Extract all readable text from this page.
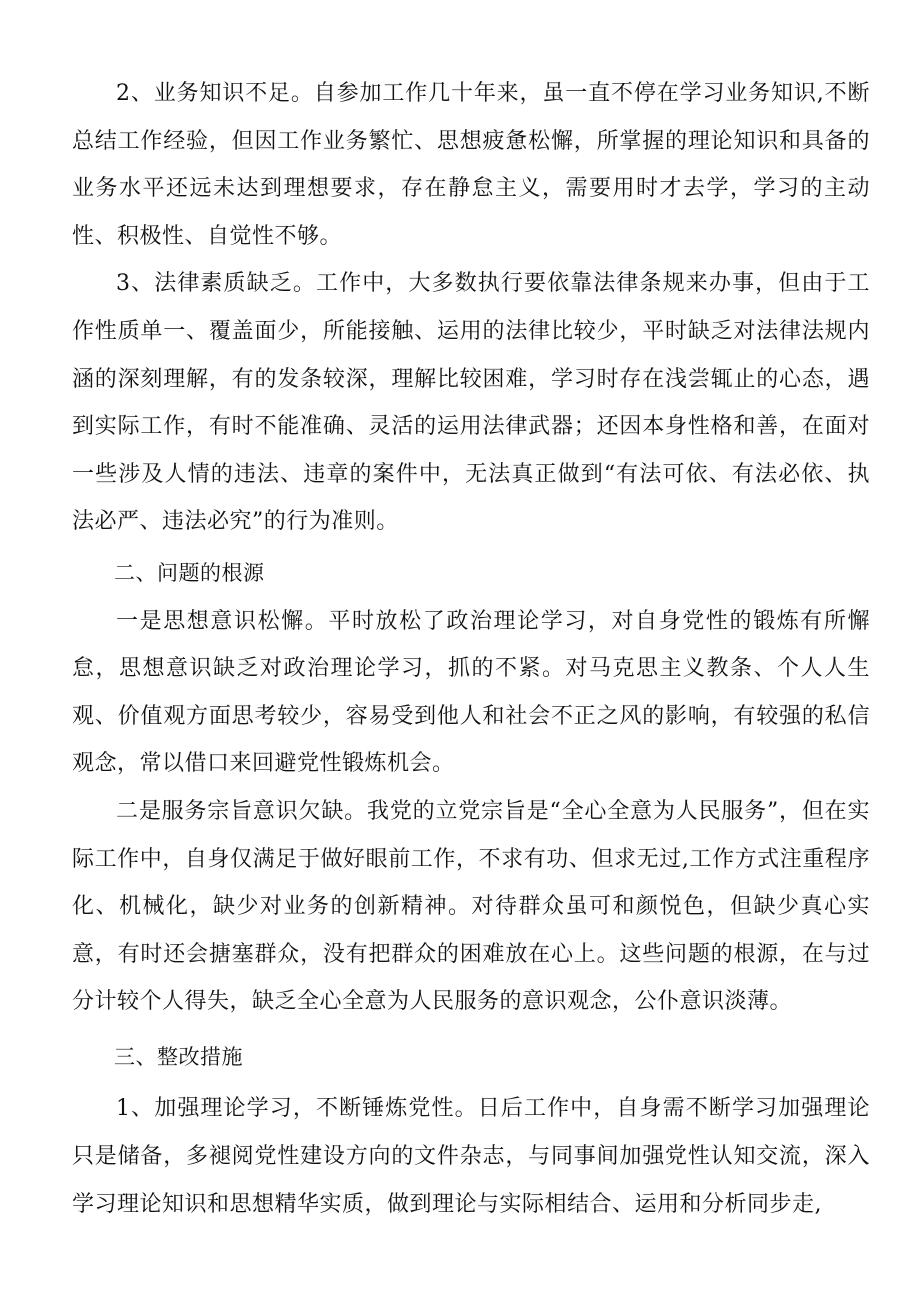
2、业务知识不足。自参加工作几十年来，虽一直不停在学习业务知识,不断总结工作经验，但因工作业务繁忙、思想疲惫松懈，所掌握的理论知识和具备的业务水平还远未达到理想要求，存在静怠主义，需要用时才去学，学习的主动性、积极性、自觉性不够。

3、法律素质缺乏。工作中，大多数执行要依靠法律条规来办事，但由于工作性质单一、覆盖面少，所能接触、运用的法律比较少，平时缺乏对法律法规内涵的深刻理解，有的发条较深，理解比较困难，学习时存在浅尝辄止的心态，遇到实际工作，有时不能准确、灵活的运用法律武器；还因本身性格和善，在面对一些涉及人情的违法、违章的案件中，无法真正做到“有法可依、有法必依、执法必严、违法必究”的行为准则。

二、问题的根源

一是思想意识松懈。平时放松了政治理论学习，对自身党性的锻炼有所懈怠，思想意识缺乏对政治理论学习，抓的不紧。对马克思主义教条、个人人生观、价值观方面思考较少，容易受到他人和社会不正之风的影响，有较强的私信观念，常以借口来回避党性锻炼机会。

二是服务宗旨意识欠缺。我党的立党宗旨是“全心全意为人民服务”，但在实际工作中，自身仅满足于做好眼前工作，不求有功、但求无过,工作方式注重程序化、机械化，缺少对业务的创新精神。对待群众虽可和颜悦色，但缺少真心实意，有时还会搪塞群众，没有把群众的困难放在心上。这些问题的根源，在与过分计较个人得失，缺乏全心全意为人民服务的意识观念，公仆意识淡薄。

三、整改措施

1、加强理论学习，不断锤炼党性。日后工作中，自身需不断学习加强理论只是储备，多褪阅党性建设方向的文件杂志，与同事间加强党性认知交流，深入学习理论知识和思想精华实质，做到理论与实际相结合、运用和分析同步走,
